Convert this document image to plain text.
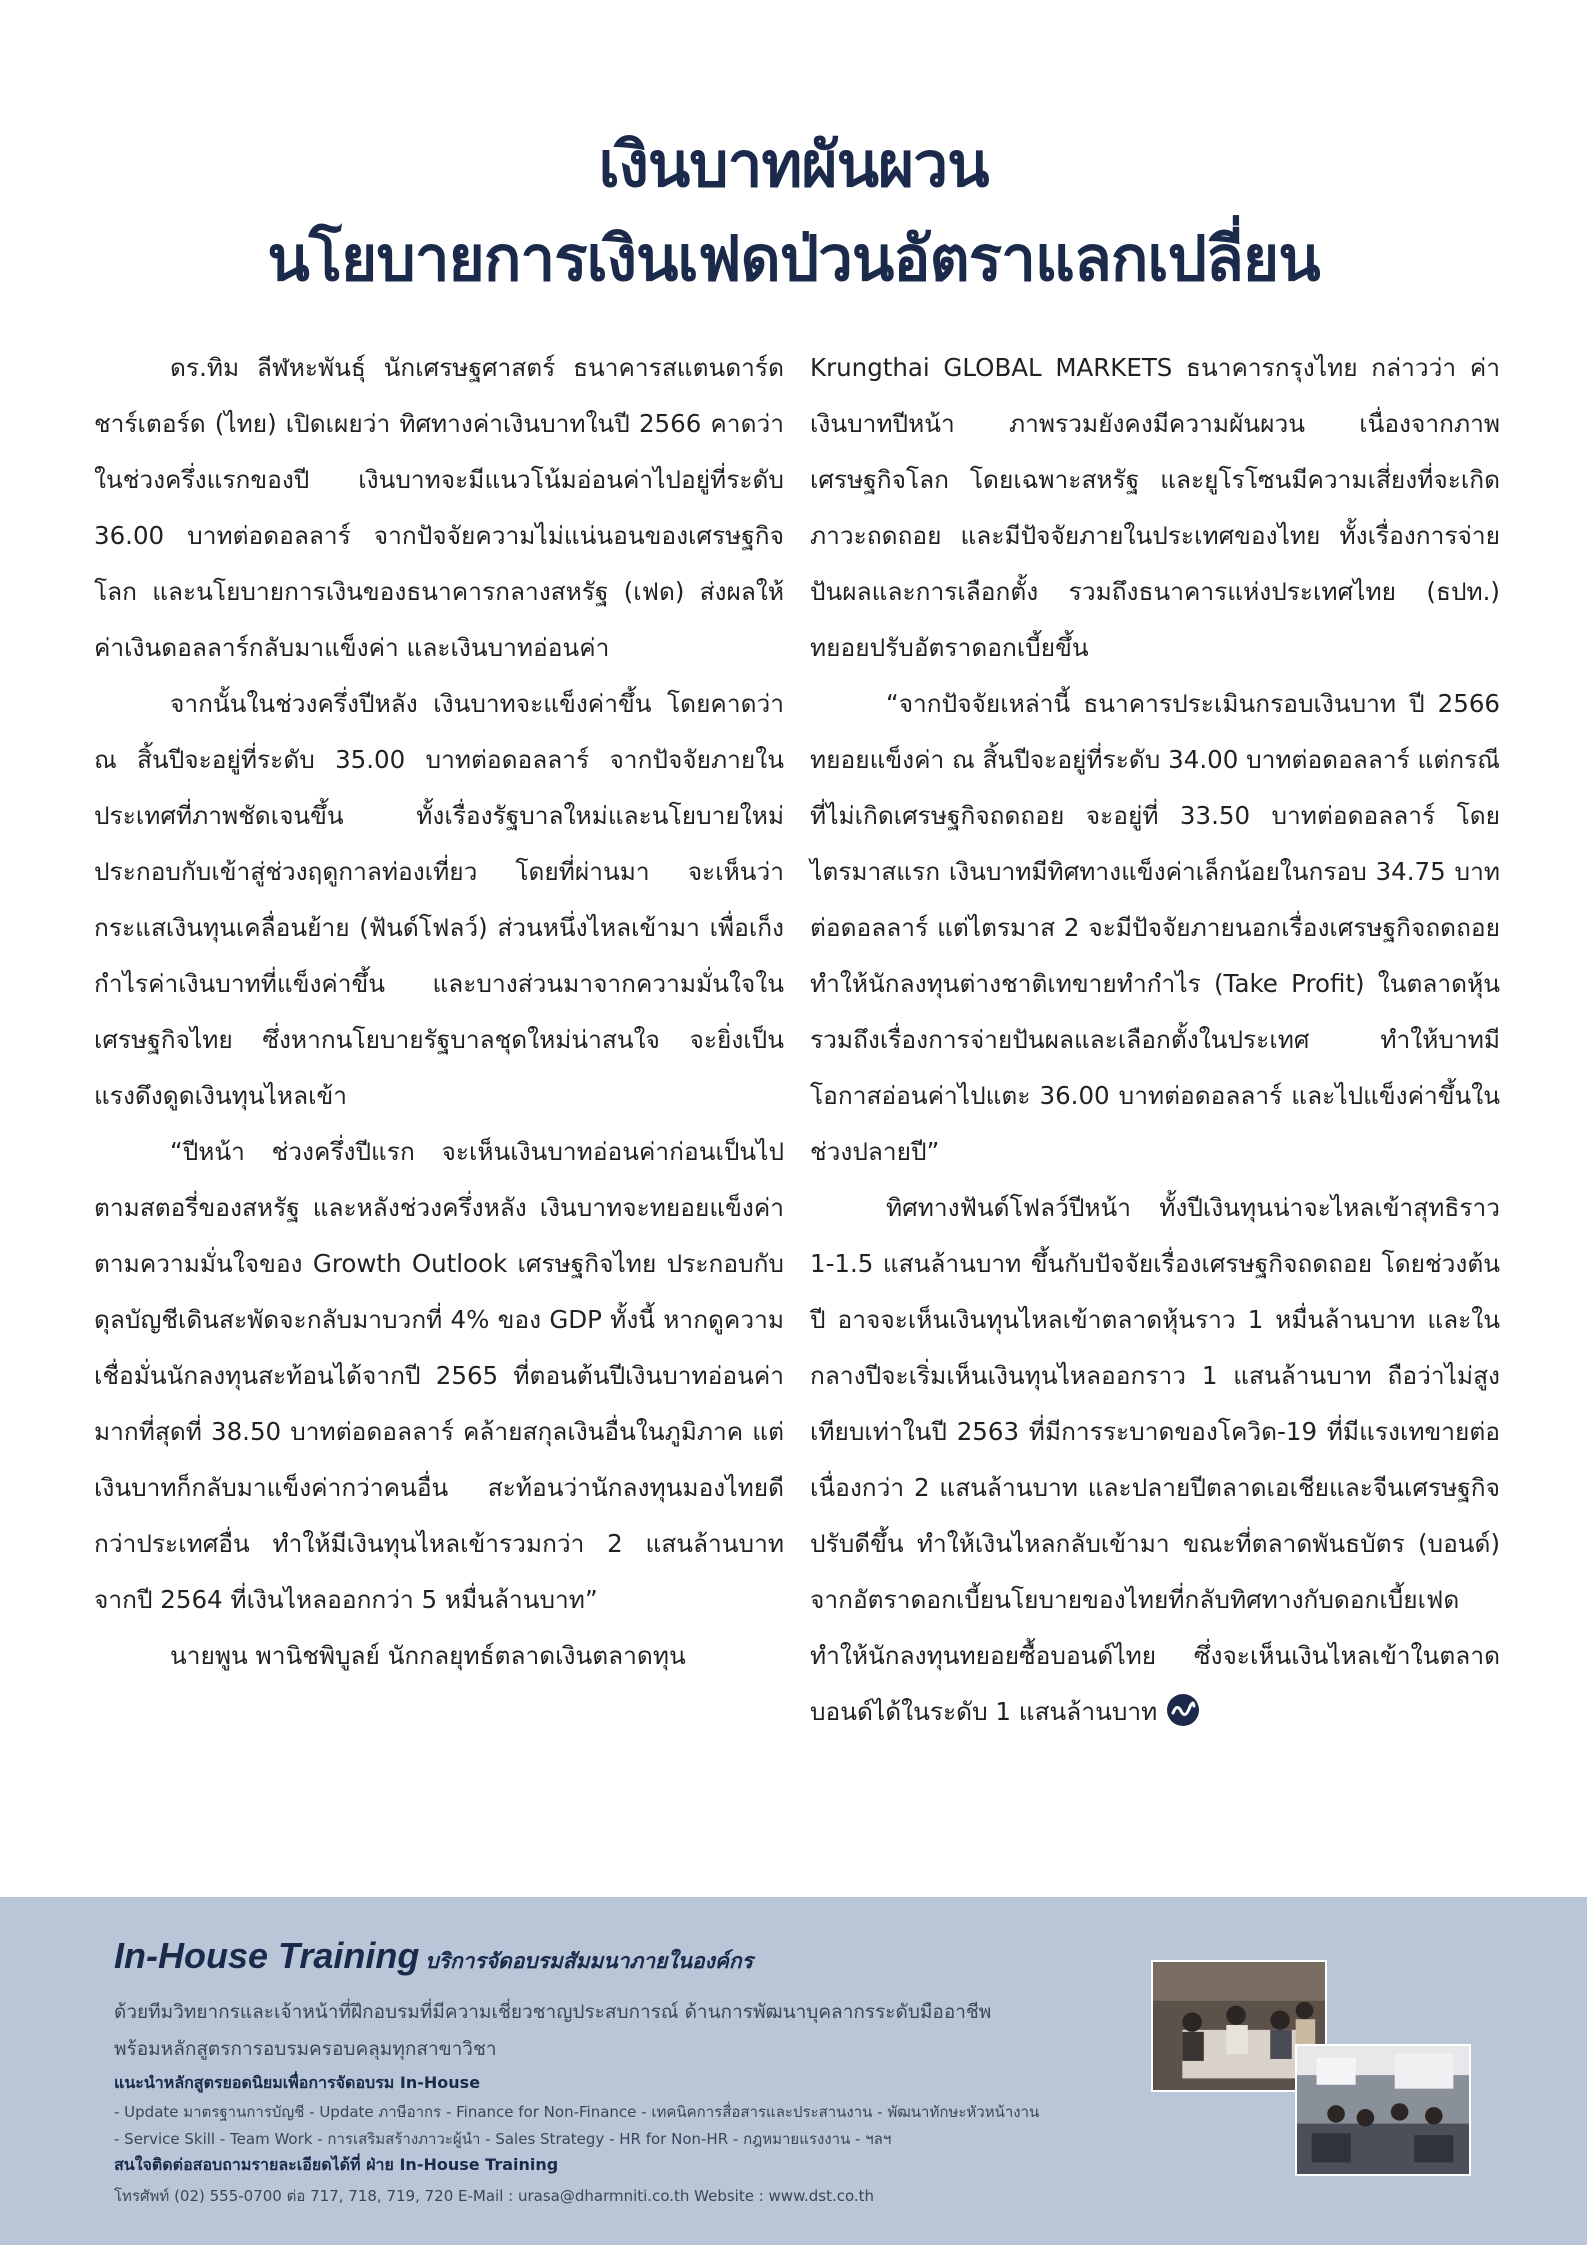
เงินบาทผันผวน
นโยบายการเงินเฟดป่วนอัตราแลกเปลี่ยน

ดร.ทิม ลีฬหะพันธุ์ นักเศรษฐศาสตร์ ธนาคารสแตนดาร์ดชาร์เตอร์ด (ไทย) เปิดเผยว่า ทิศทางค่าเงินบาทในปี 2566 คาดว่า ในช่วงครึ่งแรกของปี เงินบาทจะมีแนวโน้มอ่อนค่าไปอยู่ที่ระดับ 36.00 บาทต่อดอลลาร์ จากปัจจัยความไม่แน่นอนของเศรษฐกิจโลก และนโยบายการเงินของธนาคารกลางสหรัฐ (เฟด) ส่งผลให้ค่าเงินดอลลาร์กลับมาแข็งค่า และเงินบาทอ่อนค่า

จากนั้นในช่วงครึ่งปีหลัง เงินบาทจะแข็งค่าขึ้น โดยคาดว่า ณ สิ้นปีจะอยู่ที่ระดับ 35.00 บาทต่อดอลลาร์ จากปัจจัยภายในประเทศที่ภาพชัดเจนขึ้น ทั้งเรื่องรัฐบาลใหม่และนโยบายใหม่ ประกอบกับเข้าสู่ช่วงฤดูกาลท่องเที่ยว โดยที่ผ่านมา จะเห็นว่ากระแสเงินทุนเคลื่อนย้าย (ฟันด์โฟลว์) ส่วนหนึ่งไหลเข้ามา เพื่อเก็งกำไรค่าเงินบาทที่แข็งค่าขึ้น และบางส่วนมาจากความมั่นใจในเศรษฐกิจไทย ซึ่งหากนโยบายรัฐบาลชุดใหม่น่าสนใจ จะยิ่งเป็นแรงดึงดูดเงินทุนไหลเข้า

“ปีหน้า ช่วงครึ่งปีแรก จะเห็นเงินบาทอ่อนค่าก่อนเป็นไปตามสตอรี่ของสหรัฐ และหลังช่วงครึ่งหลัง เงินบาทจะทยอยแข็งค่าตามความมั่นใจของ Growth Outlook เศรษฐกิจไทย ประกอบกับดุลบัญชีเดินสะพัดจะกลับมาบวกที่ 4% ของ GDP ทั้งนี้ หากดูความเชื่อมั่นนักลงทุนสะท้อนได้จากปี 2565 ที่ตอนต้นปีเงินบาทอ่อนค่ามากที่สุดที่ 38.50 บาทต่อดอลลาร์ คล้ายสกุลเงินอื่นในภูมิภาค แต่เงินบาทก็กลับมาแข็งค่ากว่าคนอื่น สะท้อนว่านักลงทุนมองไทยดีกว่าประเทศอื่น ทำให้มีเงินทุนไหลเข้ารวมกว่า 2 แสนล้านบาท จากปี 2564 ที่เงินไหลออกกว่า 5 หมื่นล้านบาท”

นายพูน พานิชพิบูลย์ นักกลยุทธ์ตลาดเงินตลาดทุน

Krungthai GLOBAL MARKETS ธนาคารกรุงไทย กล่าวว่า ค่าเงินบาทปีหน้า ภาพรวมยังคงมีความผันผวน เนื่องจากภาพเศรษฐกิจโลก โดยเฉพาะสหรัฐ และยูโรโซนมีความเสี่ยงที่จะเกิดภาวะถดถอย และมีปัจจัยภายในประเทศของไทย ทั้งเรื่องการจ่ายปันผลและการเลือกตั้ง รวมถึงธนาคารแห่งประเทศไทย (ธปท.) ทยอยปรับอัตราดอกเบี้ยขึ้น

“จากปัจจัยเหล่านี้ ธนาคารประเมินกรอบเงินบาท ปี 2566 ทยอยแข็งค่า ณ สิ้นปีจะอยู่ที่ระดับ 34.00 บาทต่อดอลลาร์ แต่กรณีที่ไม่เกิดเศรษฐกิจถดถอย จะอยู่ที่ 33.50 บาทต่อดอลลาร์ โดยไตรมาสแรก เงินบาทมีทิศทางแข็งค่าเล็กน้อยในกรอบ 34.75 บาทต่อดอลลาร์ แต่ไตรมาส 2 จะมีปัจจัยภายนอกเรื่องเศรษฐกิจถดถอย ทำให้นักลงทุนต่างชาติเทขายทำกำไร (Take Profit) ในตลาดหุ้น รวมถึงเรื่องการจ่ายปันผลและเลือกตั้งในประเทศ ทำให้บาทมีโอกาสอ่อนค่าไปแตะ 36.00 บาทต่อดอลลาร์ และไปแข็งค่าขึ้นในช่วงปลายปี”

ทิศทางฟันด์โฟลว์ปีหน้า ทั้งปีเงินทุนน่าจะไหลเข้าสุทธิราว 1-1.5 แสนล้านบาท ขึ้นกับปัจจัยเรื่องเศรษฐกิจถดถอย โดยช่วงต้นปี อาจจะเห็นเงินทุนไหลเข้าตลาดหุ้นราว 1 หมื่นล้านบาท และในกลางปีจะเริ่มเห็นเงินทุนไหลออกราว 1 แสนล้านบาท ถือว่าไม่สูงเทียบเท่าในปี 2563 ที่มีการระบาดของโควิด-19 ที่มีแรงเทขายต่อเนื่องกว่า 2 แสนล้านบาท และปลายปีตลาดเอเชียและจีนเศรษฐกิจปรับดีขึ้น ทำให้เงินไหลกลับเข้ามา ขณะที่ตลาดพันธบัตร (บอนด์) จากอัตราดอกเบี้ยนโยบายของไทยที่กลับทิศทางกับดอกเบี้ยเฟด ทำให้นักลงทุนทยอยซื้อบอนด์ไทย ซึ่งจะเห็นเงินไหลเข้าในตลาดบอนด์ได้ในระดับ 1 แสนล้านบาท

In-House Training บริการจัดอบรมสัมมนาภายในองค์กร
ด้วยทีมวิทยากรและเจ้าหน้าที่ฝึกอบรมที่มีความเชี่ยวชาญประสบการณ์ ด้านการพัฒนาบุคลากรระดับมืออาชีพ
พร้อมหลักสูตรการอบรมครอบคลุมทุกสาขาวิชา
แนะนำหลักสูตรยอดนิยมเพื่อการจัดอบรม In-House
- Update มาตรฐานการบัญชี - Update ภาษีอากร - Finance for Non-Finance - เทคนิคการสื่อสารและประสานงาน - พัฒนาทักษะหัวหน้างาน
- Service Skill - Team Work - การเสริมสร้างภาวะผู้นำ - Sales Strategy - HR for Non-HR - กฎหมายแรงงาน - ฯลฯ
สนใจติดต่อสอบถามรายละเอียดได้ที่ ฝ่าย In-House Training
โทรศัพท์ (02) 555-0700 ต่อ 717, 718, 719, 720 E-Mail : urasa@dharmniti.co.th Website : www.dst.co.th
